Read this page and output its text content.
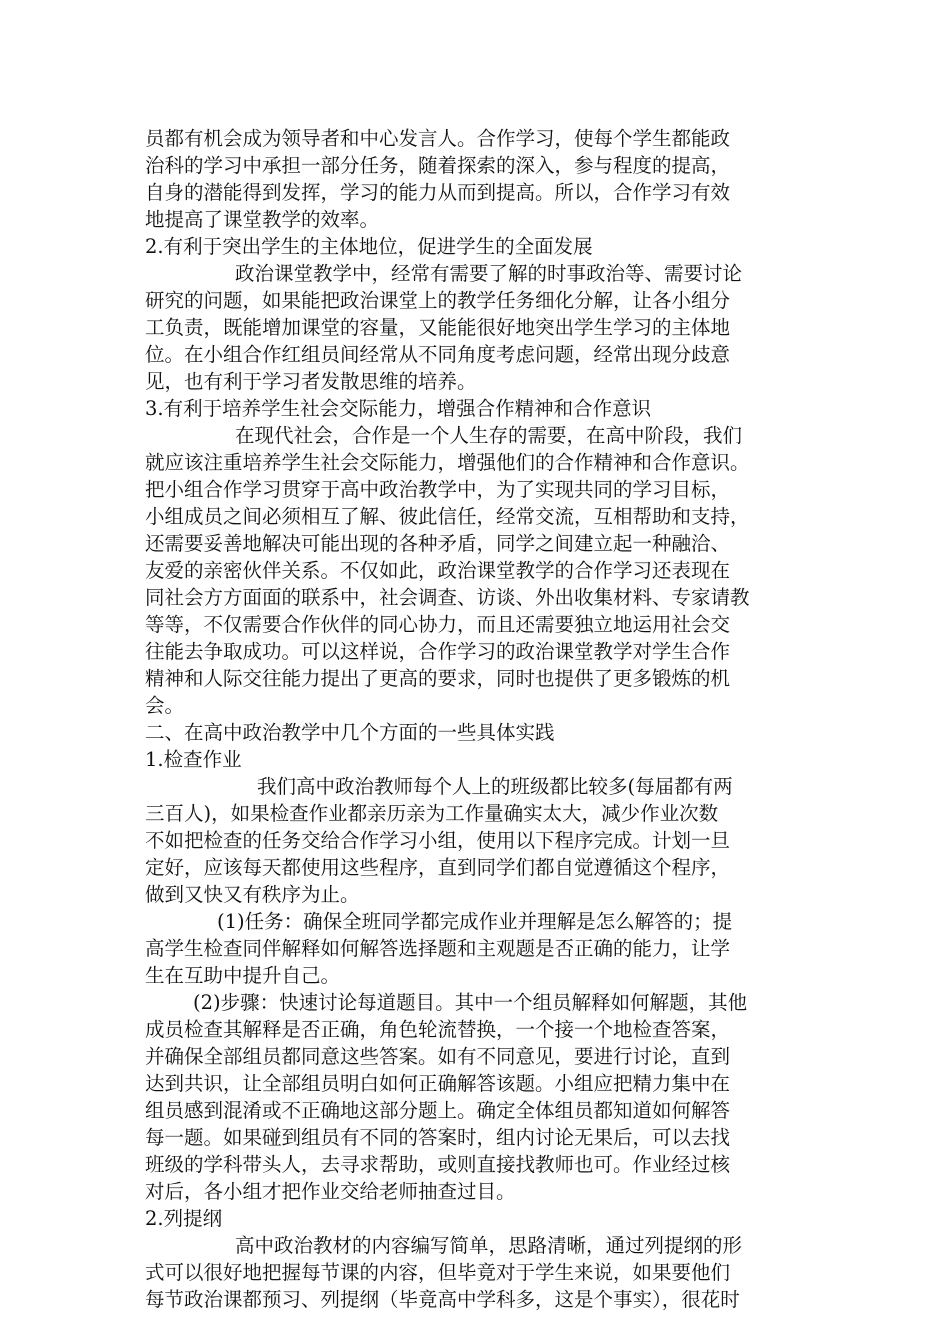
员都有机会成为领导者和中心发言人。合作学习，使每个学生都能政
治科的学习中承担一部分任务，随着探索的深入，参与程度的提高，
自身的潜能得到发挥，学习的能力从而到提高。所以，合作学习有效
地提高了课堂教学的效率。
2.有利于突出学生的主体地位，促进学生的全面发展
政治课堂教学中，经常有需要了解的时事政治等、需要讨论
研究的问题，如果能把政治课堂上的教学任务细化分解，让各小组分
工负责，既能增加课堂的容量，又能能很好地突出学生学习的主体地
位。在小组合作红组员间经常从不同角度考虑问题，经常出现分歧意
见，也有利于学习者发散思维的培养。
3.有利于培养学生社会交际能力，增强合作精神和合作意识
在现代社会，合作是一个人生存的需要，在高中阶段，我们
就应该注重培养学生社会交际能力，增强他们的合作精神和合作意识。
把小组合作学习贯穿于高中政治教学中，为了实现共同的学习目标，
小组成员之间必须相互了解、彼此信任，经常交流，互相帮助和支持，
还需要妥善地解决可能出现的各种矛盾，同学之间建立起一种融洽、
友爱的亲密伙伴关系。不仅如此，政治课堂教学的合作学习还表现在
同社会方方面面的联系中，社会调查、访谈、外出收集材料、专家请教
等等，不仅需要合作伙伴的同心协力，而且还需要独立地运用社会交
往能去争取成功。可以这样说，合作学习的政治课堂教学对学生合作
精神和人际交往能力提出了更高的要求，同时也提供了更多锻炼的机
会。
二、在高中政治教学中几个方面的一些具体实践
1.检查作业
我们高中政治教师每个人上的班级都比较多(每届都有两
三百人)，如果检查作业都亲历亲为工作量确实太大，减少作业次数
不如把检查的任务交给合作学习小组，使用以下程序完成。计划一旦
定好，应该每天都使用这些程序，直到同学们都自觉遵循这个程序，
做到又快又有秩序为止。
(1)任务：确保全班同学都完成作业并理解是怎么解答的；提
高学生检查同伴解释如何解答选择题和主观题是否正确的能力，让学
生在互助中提升自己。
(2)步骤：快速讨论每道题目。其中一个组员解释如何解题，其他
成员检查其解释是否正确，角色轮流替换，一个接一个地检查答案，
并确保全部组员都同意这些答案。如有不同意见，要进行讨论，直到
达到共识，让全部组员明白如何正确解答该题。小组应把精力集中在
组员感到混淆或不正确地这部分题上。确定全体组员都知道如何解答
每一题。如果碰到组员有不同的答案时，组内讨论无果后，可以去找
班级的学科带头人，去寻求帮助，或则直接找教师也可。作业经过核
对后，各小组才把作业交给老师抽查过目。
2.列提纲
高中政治教材的内容编写简单，思路清晰，通过列提纲的形
式可以很好地把握每节课的内容，但毕竟对于学生来说，如果要他们
每节政治课都预习、列提纲（毕竟高中学科多，这是个事实），很花时
